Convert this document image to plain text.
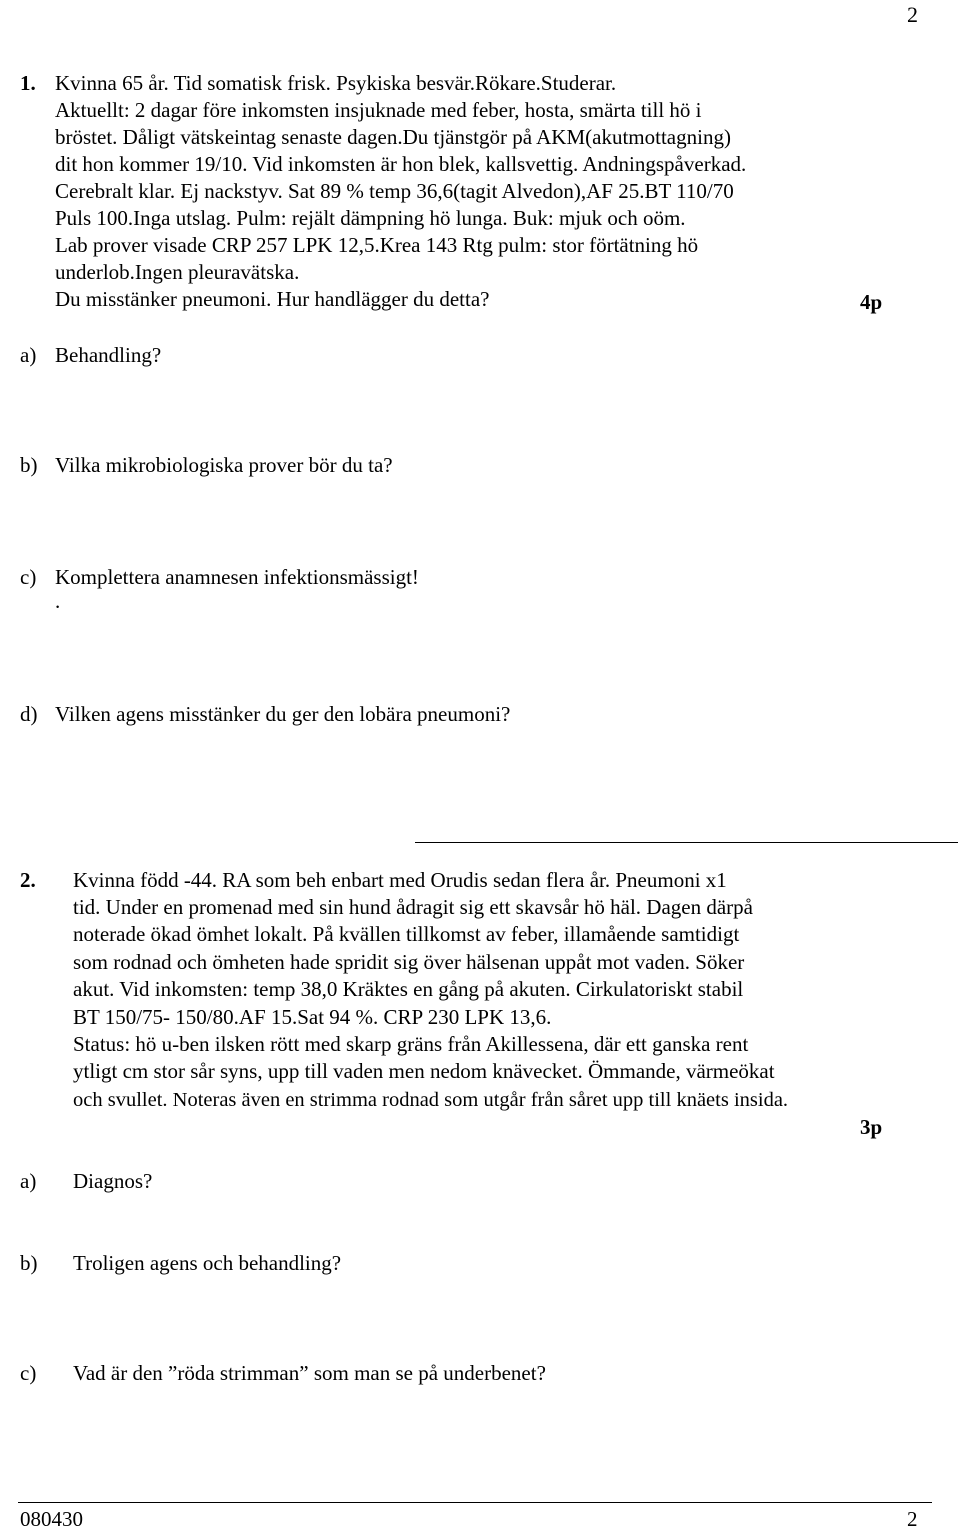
2
1. Kvinna 65 år. Tid somatisk frisk. Psykiska besvär.Rökare.Studerar.
Aktuellt: 2 dagar före inkomsten insjuknade med feber, hosta, smärta till hö i
bröstet. Dåligt vätskeintag senaste dagen.Du tjänstgör på AKM(akutmottagning)
dit hon kommer 19/10. Vid inkomsten är hon blek, kallsvettig. Andningspåverkad.
Cerebralt klar. Ej nackstyv. Sat 89 % temp 36,6(tagit Alvedon),AF 25.BT 110/70
Puls 100.Inga utslag. Pulm: rejält dämpning hö lunga. Buk: mjuk och oöm.
Lab prover visade CRP 257 LPK 12,5.Krea 143 Rtg pulm: stor förtätning hö
underlob.Ingen pleuravätska.
Du misstänker pneumoni. Hur handlägger du detta?	4p
a) Behandling?
b) Vilka mikrobiologiska prover bör du ta?
c) Komplettera anamnesen infektionsmässigt!
.
d) Vilken agens misstänker du ger den lobära pneumoni?
2. Kvinna född -44. RA som beh enbart med Orudis sedan flera år. Pneumoni x1
tid. Under en promenad med sin hund ådragit sig ett skavsår hö häl. Dagen därpå
noterade ökad ömhet lokalt. På kvällen tillkomst av feber, illamående samtidigt
som rodnad och ömheten hade spridit sig över hälsenan uppåt mot vaden. Söker
akut. Vid inkomsten: temp 38,0 Kräktes en gång på akuten. Cirkulatoriskt stabil
BT 150/75- 150/80.AF 15.Sat 94 %. CRP 230 LPK 13,6.
Status: hö u-ben ilsken rött med skarp gräns från Akillessena, där ett ganska rent
ytligt cm stor sår syns, upp till vaden men nedom knävecket. Ömmande, värmeökat
och svullet. Noteras även en strimma rodnad som utgår från såret upp till knäets insida.
3p
a) Diagnos?
b) Troligen agens och behandling?
c) Vad är den ”röda strimman” som man se på underbenet?
080430	2
